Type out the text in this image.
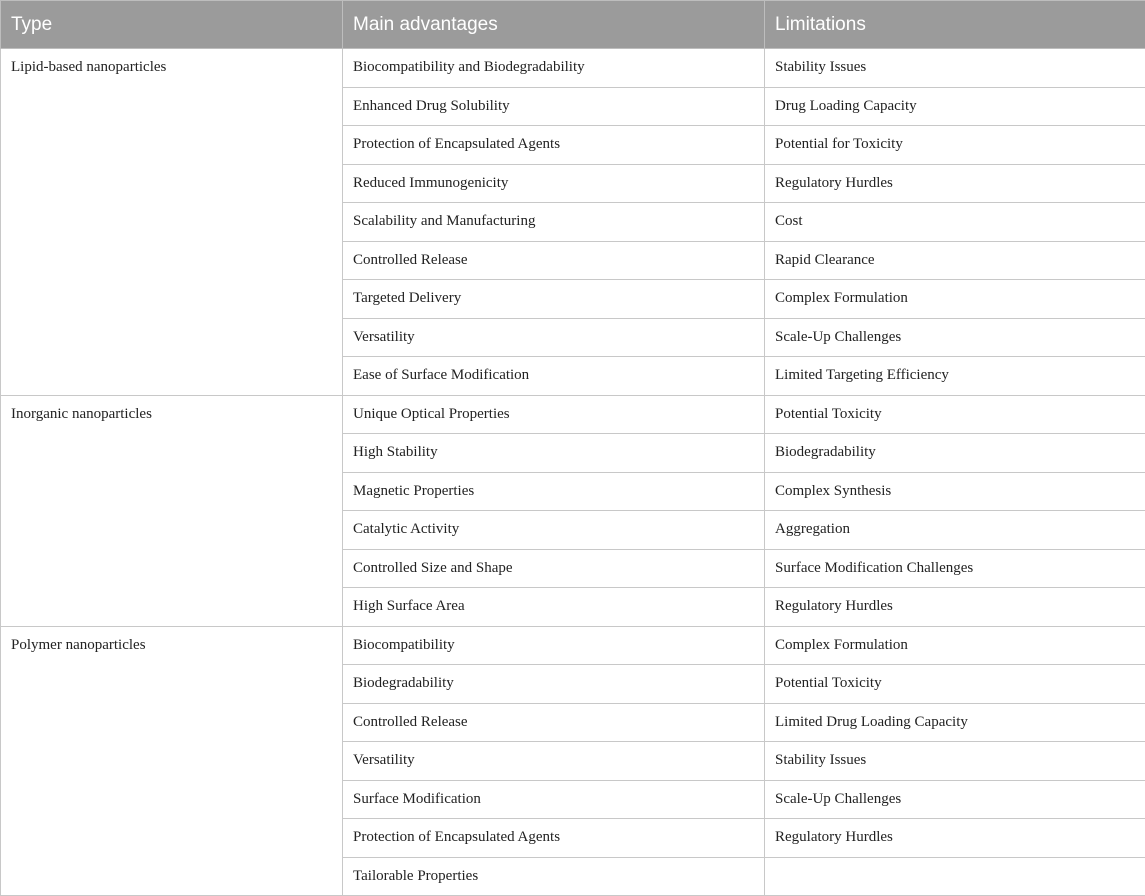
Type	Main advantages	Limitations
Lipid-based nanoparticles	Biocompatibility and Biodegradability	Stability Issues
	Enhanced Drug Solubility	Drug Loading Capacity
	Protection of Encapsulated Agents	Potential for Toxicity
	Reduced Immunogenicity	Regulatory Hurdles
	Scalability and Manufacturing	Cost
	Controlled Release	Rapid Clearance
	Targeted Delivery	Complex Formulation
	Versatility	Scale-Up Challenges
	Ease of Surface Modification	Limited Targeting Efficiency
Inorganic nanoparticles	Unique Optical Properties	Potential Toxicity
	High Stability	Biodegradability
	Magnetic Properties	Complex Synthesis
	Catalytic Activity	Aggregation
	Controlled Size and Shape	Surface Modification Challenges
	High Surface Area	Regulatory Hurdles
Polymer nanoparticles	Biocompatibility	Complex Formulation
	Biodegradability	Potential Toxicity
	Controlled Release	Limited Drug Loading Capacity
	Versatility	Stability Issues
	Surface Modification	Scale-Up Challenges
	Protection of Encapsulated Agents	Regulatory Hurdles
	Tailorable Properties	
